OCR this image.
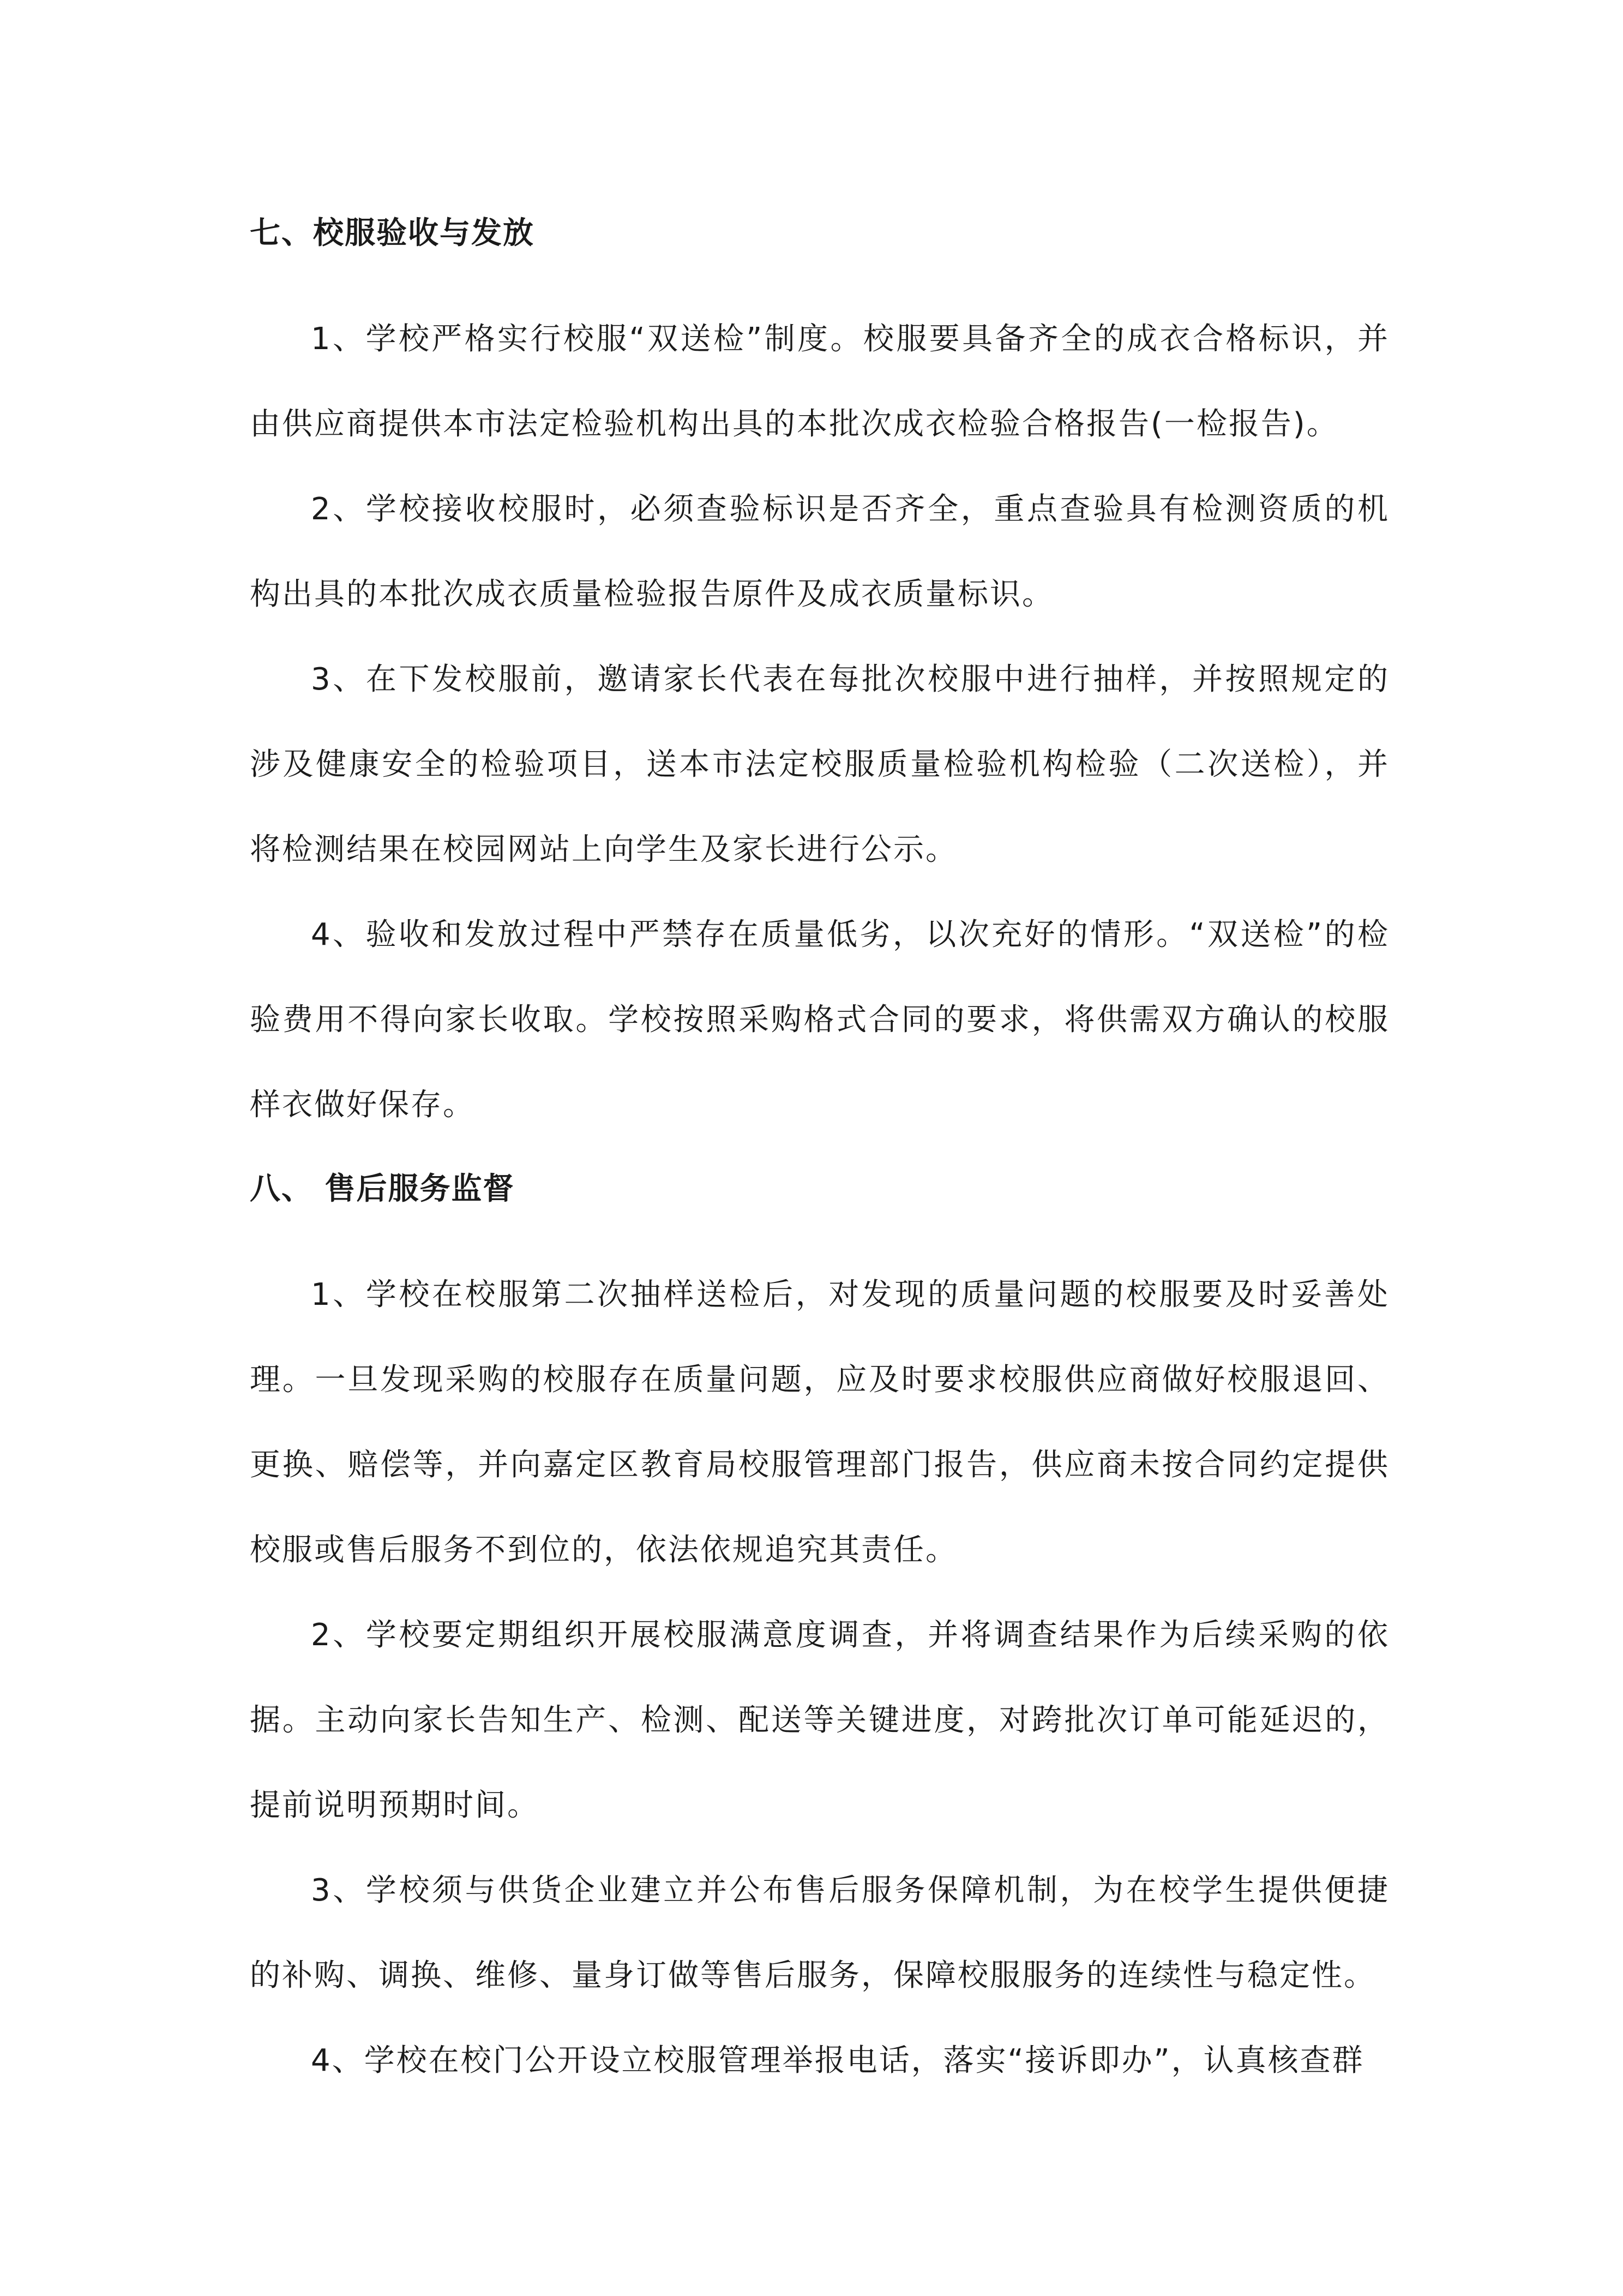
七、校服验收与发放

1、学校严格实行校服“双送检”制度。校服要具备齐全的成衣合格标识，并由供应商提供本市法定检验机构出具的本批次成衣检验合格报告(一检报告)。

2、学校接收校服时，必须查验标识是否齐全，重点查验具有检测资质的机构出具的本批次成衣质量检验报告原件及成衣质量标识。

3、在下发校服前，邀请家长代表在每批次校服中进行抽样，并按照规定的涉及健康安全的检验项目，送本市法定校服质量检验机构检验（二次送检），并将检测结果在校园网站上向学生及家长进行公示。

4、验收和发放过程中严禁存在质量低劣，以次充好的情形。“双送检”的检验费用不得向家长收取。学校按照采购格式合同的要求，将供需双方确认的校服样衣做好保存。

八、 售后服务监督

1、学校在校服第二次抽样送检后，对发现的质量问题的校服要及时妥善处理。一旦发现采购的校服存在质量问题，应及时要求校服供应商做好校服退回、更换、赔偿等，并向嘉定区教育局校服管理部门报告，供应商未按合同约定提供校服或售后服务不到位的，依法依规追究其责任。

2、学校要定期组织开展校服满意度调查，并将调查结果作为后续采购的依据。主动向家长告知生产、检测、配送等关键进度，对跨批次订单可能延迟的，提前说明预期时间。

3、学校须与供货企业建立并公布售后服务保障机制，为在校学生提供便捷的补购、调换、维修、量身订做等售后服务，保障校服服务的连续性与稳定性。

4、学校在校门公开设立校服管理举报电话，落实“接诉即办”，认真核查群
